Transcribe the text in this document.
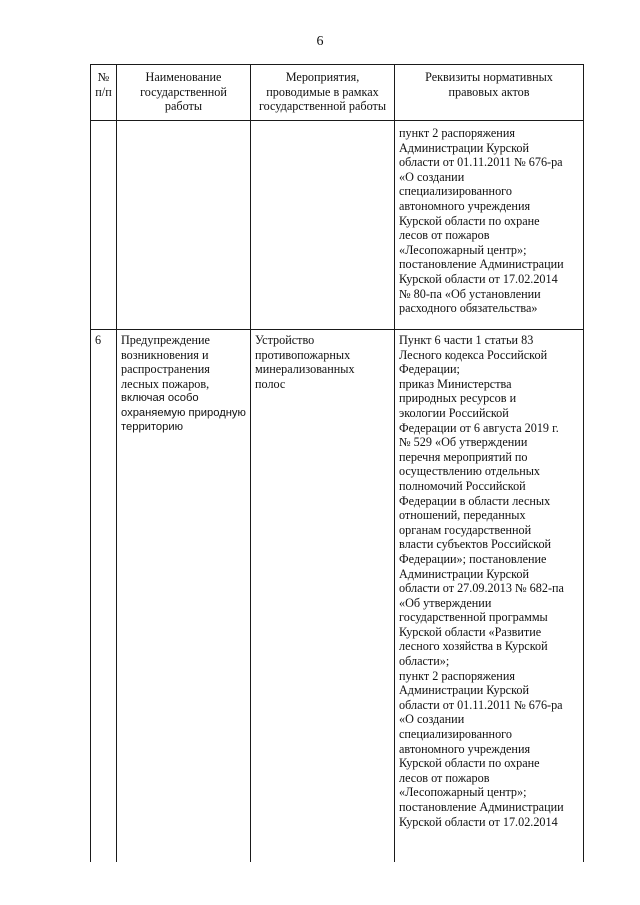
6
№
п/п
Наименование
государственной
работы
Мероприятия,
проводимые в рамках
государственной работы
Реквизиты нормативных
правовых актов
пункт 2 распоряжения
Администрации Курской
области от 01.11.2011 № 676-ра
«О создании
специализированного
автономного учреждения
Курской области по охране
лесов от пожаров
«Лесопожарный центр»;
постановление Администрации
Курской области от 17.02.2014
№ 80-па «Об установлении
расходного обязательства»
6	Предупреждение
возникновения и
распространения
лесных пожаров,
включая особо
охраняемую природную
территорию
Устройство
противопожарных
минерализованных
полос
Пункт 6 части 1 статьи 83
Лесного кодекса Российской
Федерации;
приказ Министерства
природных ресурсов и
экологии Российской
Федерации от 6 августа 2019 г.
№ 529 «Об утверждении
перечня мероприятий по
осуществлению отдельных
полномочий Российской
Федерации в области лесных
отношений, переданных
органам государственной
власти субъектов Российской
Федерации»; постановление
Администрации Курской
области от 27.09.2013 № 682-па
«Об утверждении
государственной программы
Курской области «Развитие
лесного хозяйства в Курской
области»;
пункт 2 распоряжения
Администрации Курской
области от 01.11.2011 № 676-ра
«О создании
специализированного
автономного учреждения
Курской области по охране
лесов от пожаров
«Лесопожарный центр»;
постановление Администрации
Курской области от 17.02.2014
